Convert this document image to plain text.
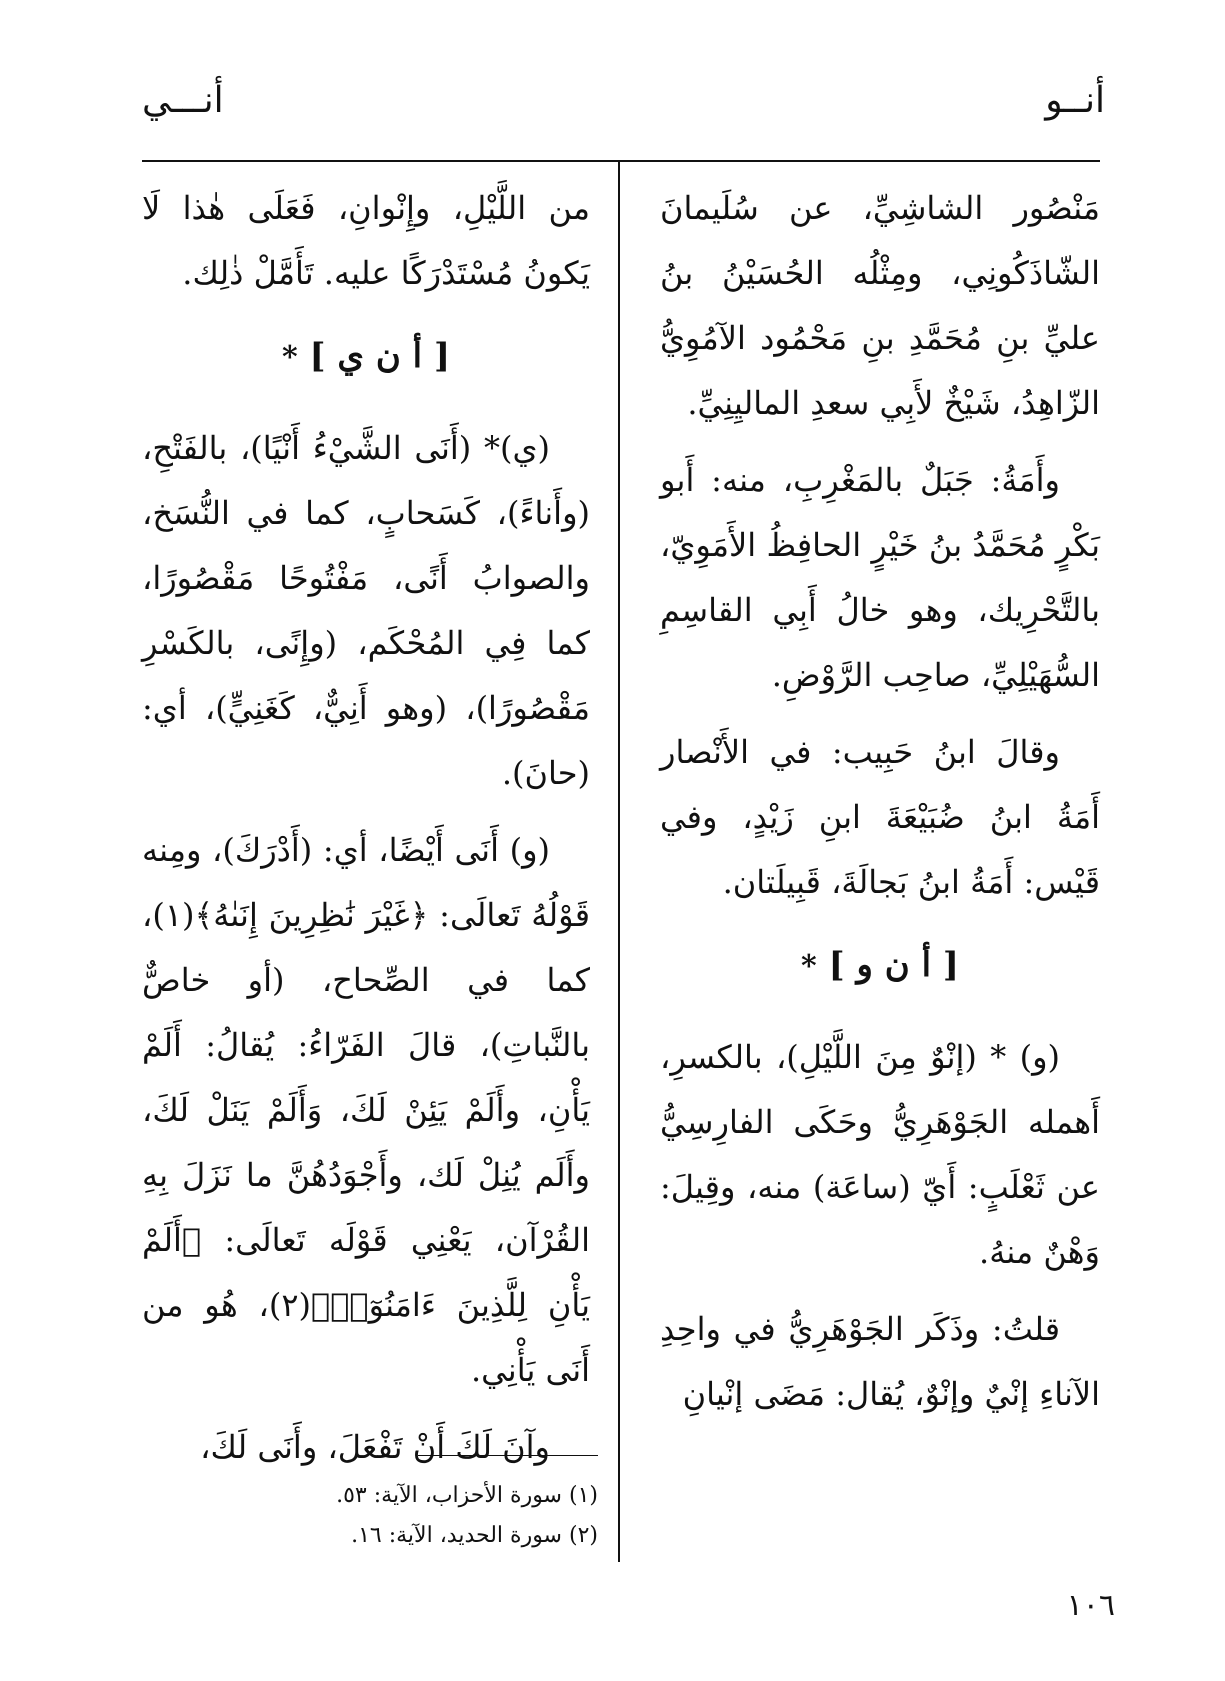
أنــو
أنـــي

مَنْصُور الشاشِيِّ، عن سُلَيمانَ الشّاذَكُونِي، ومِثْلُه الحُسَيْنُ بنُ عليِّ بنِ مُحَمَّدِ بنِ مَحْمُود الآمُوِيُّ الزّاهِدُ، شَيْخٌ لأَبِي سعدِ الماليِنِيِّ.

وأَمَةُ: جَبَلٌ بالمَغْرِبِ، منه: أَبو بَكْرٍ مُحَمَّدُ بنُ خَيْرٍ الحافِظُ الأَمَوِيّ، بالتَّحْرِيك، وهو خالُ أَبِي القاسِمِ السُّهَيْلِيِّ، صاحِب الرَّوْضِ.

وقالَ ابنُ حَبِيب: في الأَنْصار أَمَةُ ابنُ ضُبَيْعَةَ ابنِ زَيْدٍ، وفي قَيْس: أَمَةُ ابنُ بَجالَةَ، قَبِيلَتان.

[ أ ن و ] *

(و) * (إنْوٌ مِنَ اللَّيْلِ)، بالكسرِ، أَهمله الجَوْهَرِيُّ وحَكَى الفارِسِيُّ عن ثَعْلَبٍ: أَيّ (ساعَة) منه، وقِيلَ: وَهْنٌ منهُ.

قلتُ: وذَكَر الجَوْهَرِيُّ في واحِدِ الآناءِ إنْيٌ وإنْوٌ، يُقال: مَضَى إنْيانِ

من اللَّيْلِ، وإِنْوانِ، فَعَلَى هٰذا لَا يَكونُ مُسْتَدْرَكًا عليه. تَأَمَّلْ ذٰلِك.

[ أ ن ي ] *

(ي)* (أَنَى الشَّيْءُ أَنْيًا)، بالفَتْحِ، (وأَناءً)، كَسَحابٍ، كما في النُّسَخ، والصوابُ أَنًى، مَفْتُوحًا مَقْصُورًا، كما فِي المُحْكَم، (وإِنًى، بالكَسْرِ مَقْصُورًا)، (وهو أَنِيٌّ، كَغَنِيٍّ)، أي: (حانَ).

(و) أَنَى أَيْضًا، أي: (أَدْرَكَ)، ومِنه قَوْلُهُ تَعالَى: ﴿غَيْرَ نَٰظِرِينَ إِنَىٰهُ﴾(١)، كما في الصِّحاح، (أو خاصٌّ بالنَّباتِ)، قالَ الفَرّاءُ: يُقالُ: أَلَمْ يَأْنِ، وأَلَمْ يَئِنْ لَكَ، وَأَلَمْ يَنَلْ لَكَ، وأَلَم يُنِلْ لَك، وأَجْوَدُهُنَّ ما نَزَلَ بِهِ القُرْآن، يَعْنِي قَوْلَه تَعالَى: ﴿أَلَمْ يَأْنِ لِلَّذِينَ ءَامَنُوٓا۟﴾(٢)، هُو من أَنَى يَأْنِي.

وآنَ لَكَ أَنْ تَفْعَلَ، وأَنَى لَكَ،

(١) سورة الأحزاب، الآية: ٥٣.
(٢) سورة الحديد، الآية: ١٦.
١٠٦
